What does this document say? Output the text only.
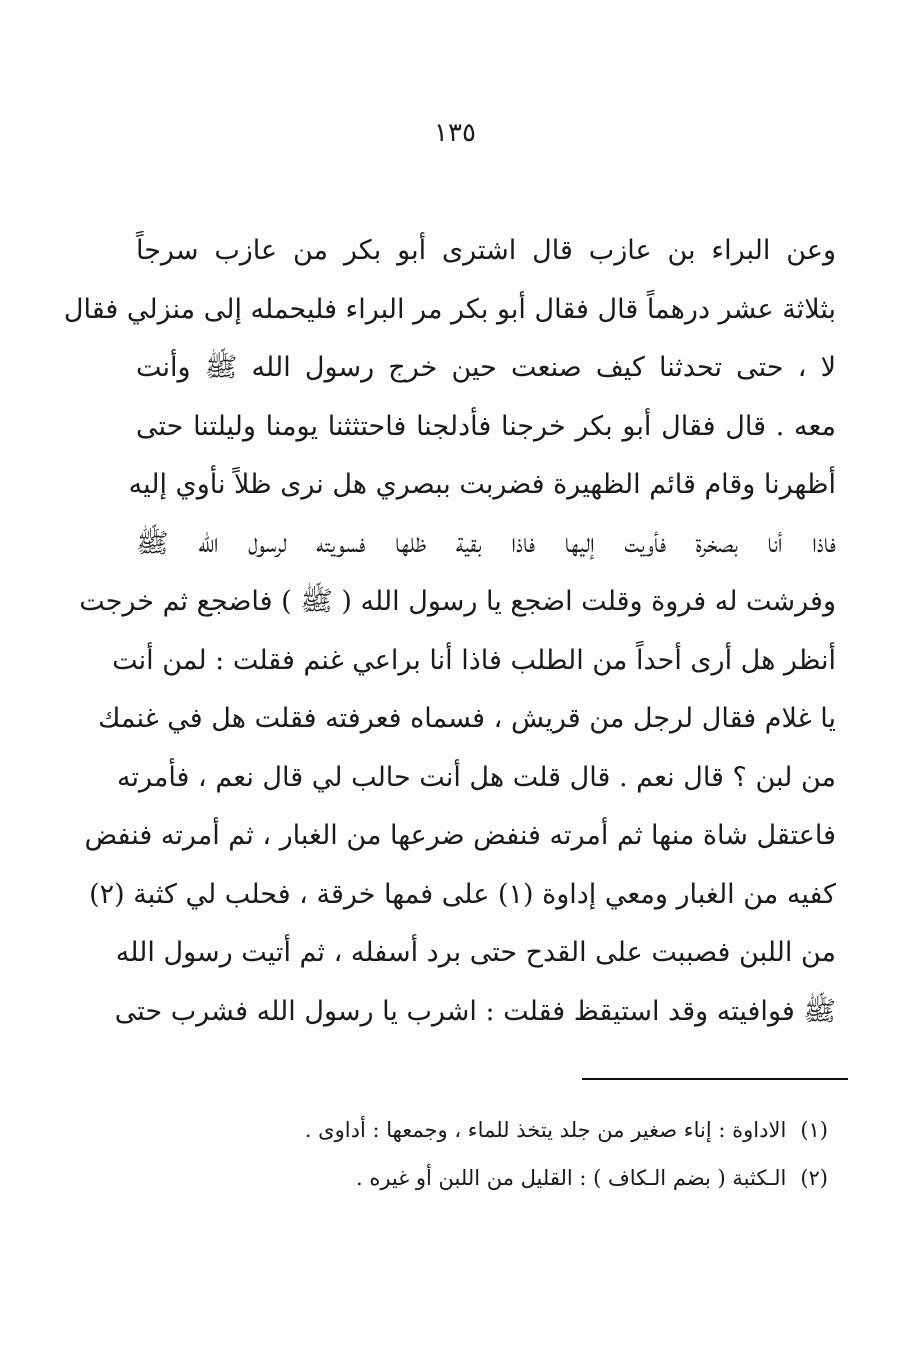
١٣٥
وعن البراء بن عازب قال اشترى أبو بكر من عازب سرجاً
بثلاثة عشر درهماً قال فقال أبو بكر مر البراء فليحمله إلى منزلي فقال
لا ، حتى تحدثنا كيف صنعت حين خرج رسول الله ﷺ وأنت
معه . قال فقال أبو بكر خرجنا فأدلجنا فاحتثثنا يومنا وليلتنا حتى
أظهرنا وقام قائم الظهيرة فضربت ببصري هل نرى ظلاً نأوي إليه
فاذا أنا بصخرة فأويت إليها فاذا بقية ظلها فسويته لرسول الله ﷺ
وفرشت له فروة وقلت اضجع يا رسول الله ( ﷺ ) فاضجع ثم خرجت
أنظر هل أرى أحداً من الطلب فاذا أنا براعي غنم فقلت : لمن أنت
يا غلام فقال لرجل من قريش ، فسماه فعرفته فقلت هل في غنمك
من لبن ؟ قال نعم . قال قلت هل أنت حالب لي قال نعم ، فأمرته
فاعتقل شاة منها ثم أمرته فنفض ضرعها من الغبار ، ثم أمرته فنفض
كفيه من الغبار ومعي إداوة (١) على فمها خرقة ، فحلب لي كثبة (٢)
من اللبن فصببت على القدح حتى برد أسفله ، ثم أتيت رسول الله
ﷺ فوافيته وقد استيقظ فقلت : اشرب يا رسول الله فشرب حتى
(١)الاداوة : إناء صغير من جلد يتخذ للماء ، وجمعها : أداوى .
(٢)الـكثبة ( بضم الـكاف ) : القليل من اللبن أو غيره .
